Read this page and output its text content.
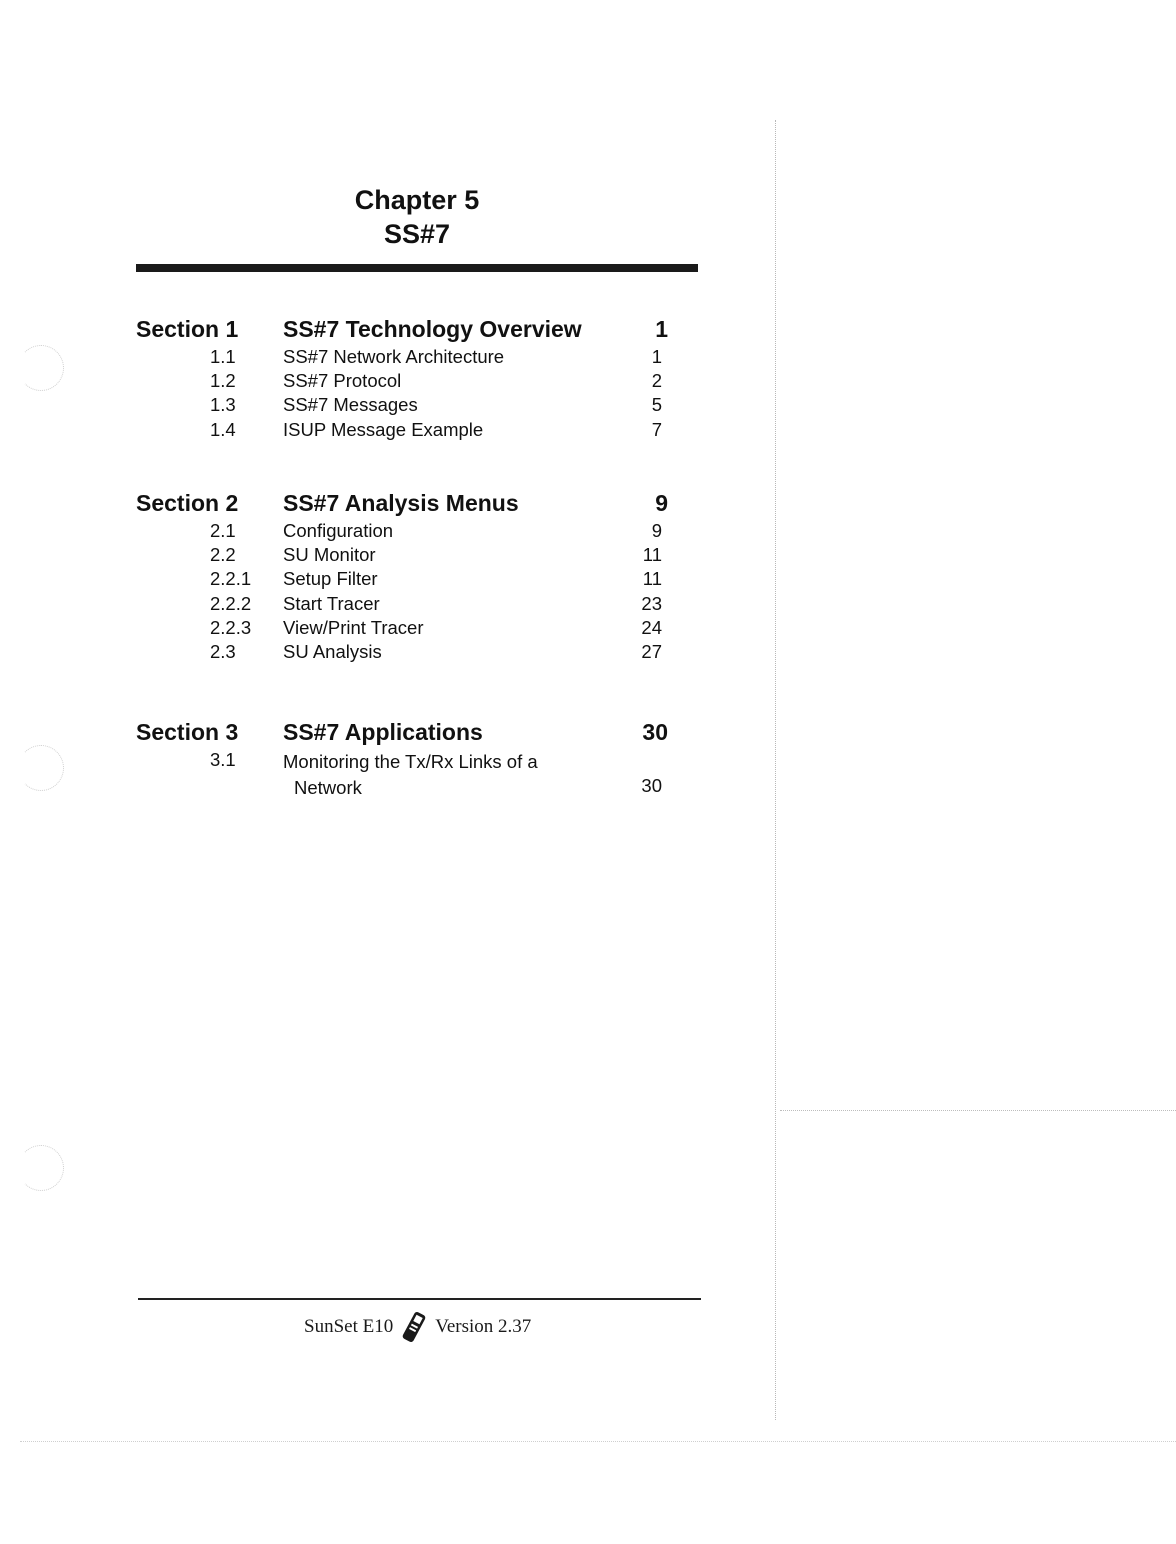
Chapter 5
SS#7
Section 1 SS#7 Technology Overview	1
1.1	SS#7 Network Architecture	1
1.2	SS#7 Protocol	2
1.3	SS#7 Messages	5
1.4	ISUP Message Example	7
Section 2 SS#7 Analysis Menus	9
2.1	Configuration	9
2.2	SU Monitor	11
2.2.1 Setup Filter	11
2.2.2 Start Tracer	23
2.2.3 View/Print Tracer	24
2.3	SU Analysis	27
Section 3 SS#7 Applications	30
3.1	Monitoring the Tx/Rx Links of a
Network	30
SunSet E10 Version 2.37
